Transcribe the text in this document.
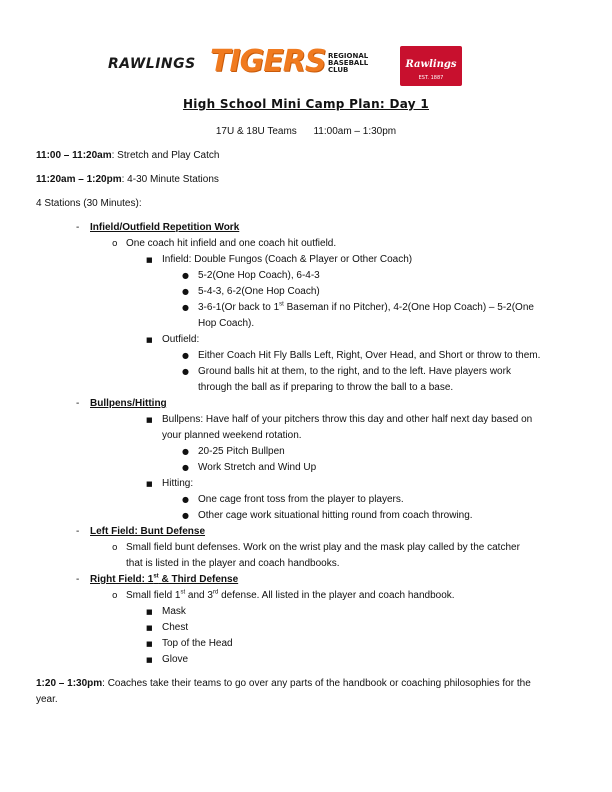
RAWLINGS TIGERS REGIONAL
BASEBALL
CLUB	Rawlings
EST. 1887
High School Mini Camp Plan: Day 1
17U & 18U Teams      11:00am – 1:30pm
11:00 – 11:20am: Stretch and Play Catch
11:20am – 1:20pm: 4-30 Minute Stations
4 Stations (30 Minutes):
- Infield/Outfield Repetition Work
o One coach hit infield and one coach hit outfield.
■ Infield: Double Fungos (Coach & Player or Other Coach)
● 5-2(One Hop Coach), 6-4-3
● 5-4-3, 6-2(One Hop Coach)
● 3-6-1(Or back to 1st Baseman if no Pitcher), 4-2(One Hop Coach) – 5-2(One
Hop Coach).
■ Outfield:
● Either Coach Hit Fly Balls Left, Right, Over Head, and Short or throw to them.
● Ground balls hit at them, to the right, and to the left. Have players work
through the ball as if preparing to throw the ball to a base.
- Bullpens/Hitting
■ Bullpens: Have half of your pitchers throw this day and other half next day based on
your planned weekend rotation.
● 20-25 Pitch Bullpen
● Work Stretch and Wind Up
■ Hitting:
● One cage front toss from the player to players.
● Other cage work situational hitting round from coach throwing.
- Left Field: Bunt Defense
o Small field bunt defenses. Work on the wrist play and the mask play called by the catcher
that is listed in the player and coach handbooks.
- Right Field: 1st & Third Defense
o Small field 1st and 3rd defense. All listed in the player and coach handbook.
■ Mask
■ Chest
■ Top of the Head
■ Glove
1:20 – 1:30pm: Coaches take their teams to go over any parts of the handbook or coaching philosophies for the
year.
